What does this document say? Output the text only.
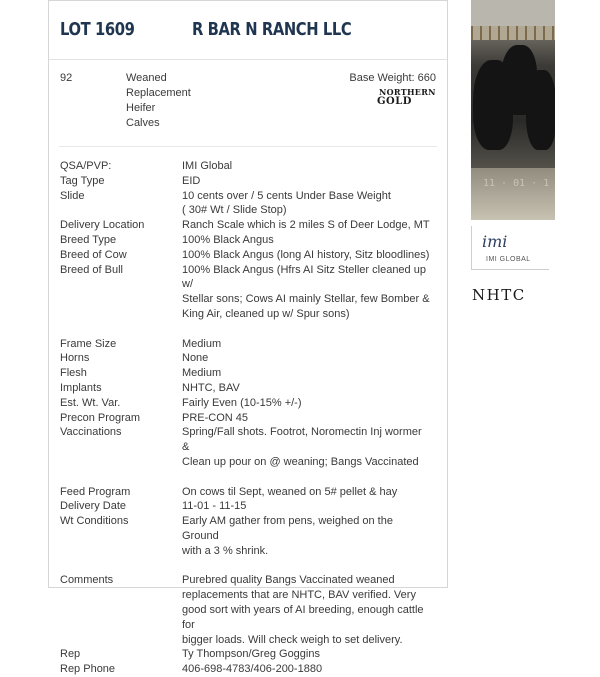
LOT 1609	R BAR N RANCH LLC
92	Weaned
Replacement
Heifer
Calves
Base Weight: 660
NORTHERN
GOLD
QSA/PVP:	IMI Global
Tag Type	EID
Slide	10 cents over / 5 cents Under Base Weight
( 30# Wt / Slide Stop)
Delivery Location	Ranch Scale which is 2 miles S of Deer Lodge, MT
Breed Type	100% Black Angus
Breed of Cow	100% Black Angus (long AI history, Sitz bloodlines)
Breed of Bull	100% Black Angus (Hfrs AI Sitz Steller cleaned up w/
Stellar sons; Cows AI mainly Stellar, few Bomber &
King Air, cleaned up w/ Spur sons)
Frame Size	Medium
Horns	None
Flesh	Medium
Implants	NHTC, BAV
Est. Wt. Var.	Fairly Even (10-15% +/-)
Precon Program	PRE-CON 45
Vaccinations	Spring/Fall shots. Footrot, Noromectin Inj wormer &
Clean up pour on @ weaning; Bangs Vaccinated
Feed Program	On cows til Sept, weaned on 5# pellet & hay
Delivery Date	11-01 - 11-15
Wt Conditions	Early AM gather from pens, weighed on the Ground
with a 3 % shrink.
Comments	Purebred quality Bangs Vaccinated weaned
replacements that are NHTC, BAV verified. Very
good sort with years of AI breeding, enough cattle for
bigger loads. Will check weigh to set delivery.
Rep	Ty Thompson/Greg Goggins
Rep Phone	406-698-4783/406-200-1880
11 · 01 · 1
imi
IMI GLOBAL
NHTC
